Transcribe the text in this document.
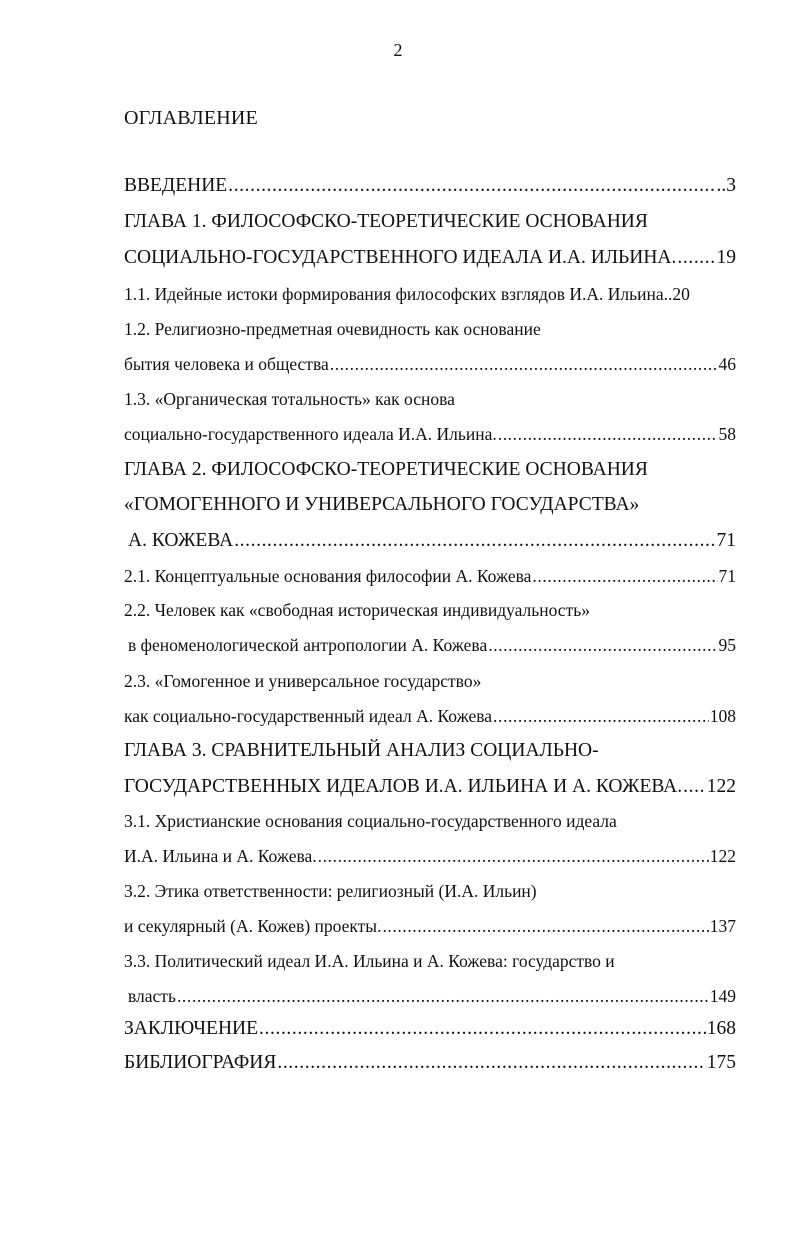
2
ОГЛАВЛЕНИЕ
ВВЕДЕНИЕ .....	..3
ГЛАВА 1. ФИЛОСОФСКО-ТЕОРЕТИЧЕСКИЕ ОСНОВАНИЯ
СОЦИАЛЬНО-ГОСУДАРСТВЕННОГО ИДЕАЛА И.А. ИЛЬИНА. ..... 19
1.1. Идейные истоки формирования философских взглядов И.А. Ильина..20
1.2. Религиозно-предметная очевидность как основание
бытия человека и общества .....	46
1.3. «Органическая тотальность» как основа
социально-государственного идеала И.А. Ильина. .....	58
ГЛАВА 2. ФИЛОСОФСКО-ТЕОРЕТИЧЕСКИЕ ОСНОВАНИЯ
«ГОМОГЕННОГО И УНИВЕРСАЛЬНОГО ГОСУДАРСТВА»
А. КОЖЕВА .....	71
2.1. Концептуальные основания философии А. Кожева .....	71
2.2. Человек как «свободная историческая индивидуальность»
в феноменологической антропологии А. Кожева .....	95
2.3. «Гомогенное и универсальное государство»
как социально-государственный идеал А. Кожева .....	108
ГЛАВА 3. СРАВНИТЕЛЬНЫЙ АНАЛИЗ СОЦИАЛЬНО-
ГОСУДАРСТВЕННЫХ ИДЕАЛОВ И.А. ИЛЬИНА И А. КОЖЕВА. ..... 122
3.1. Христианские основания социально-государственного идеала
И.А. Ильина и А. Кожева. .....	122
3.2. Этика ответственности: религиозный (И.А. Ильин)
и секулярный (А. Кожев) проекты. .....	137
3.3. Политический идеал И.А. Ильина и А. Кожева: государство и
власть .....	149
ЗАКЛЮЧЕНИЕ .....	168
БИБЛИОГРАФИЯ .....	175
